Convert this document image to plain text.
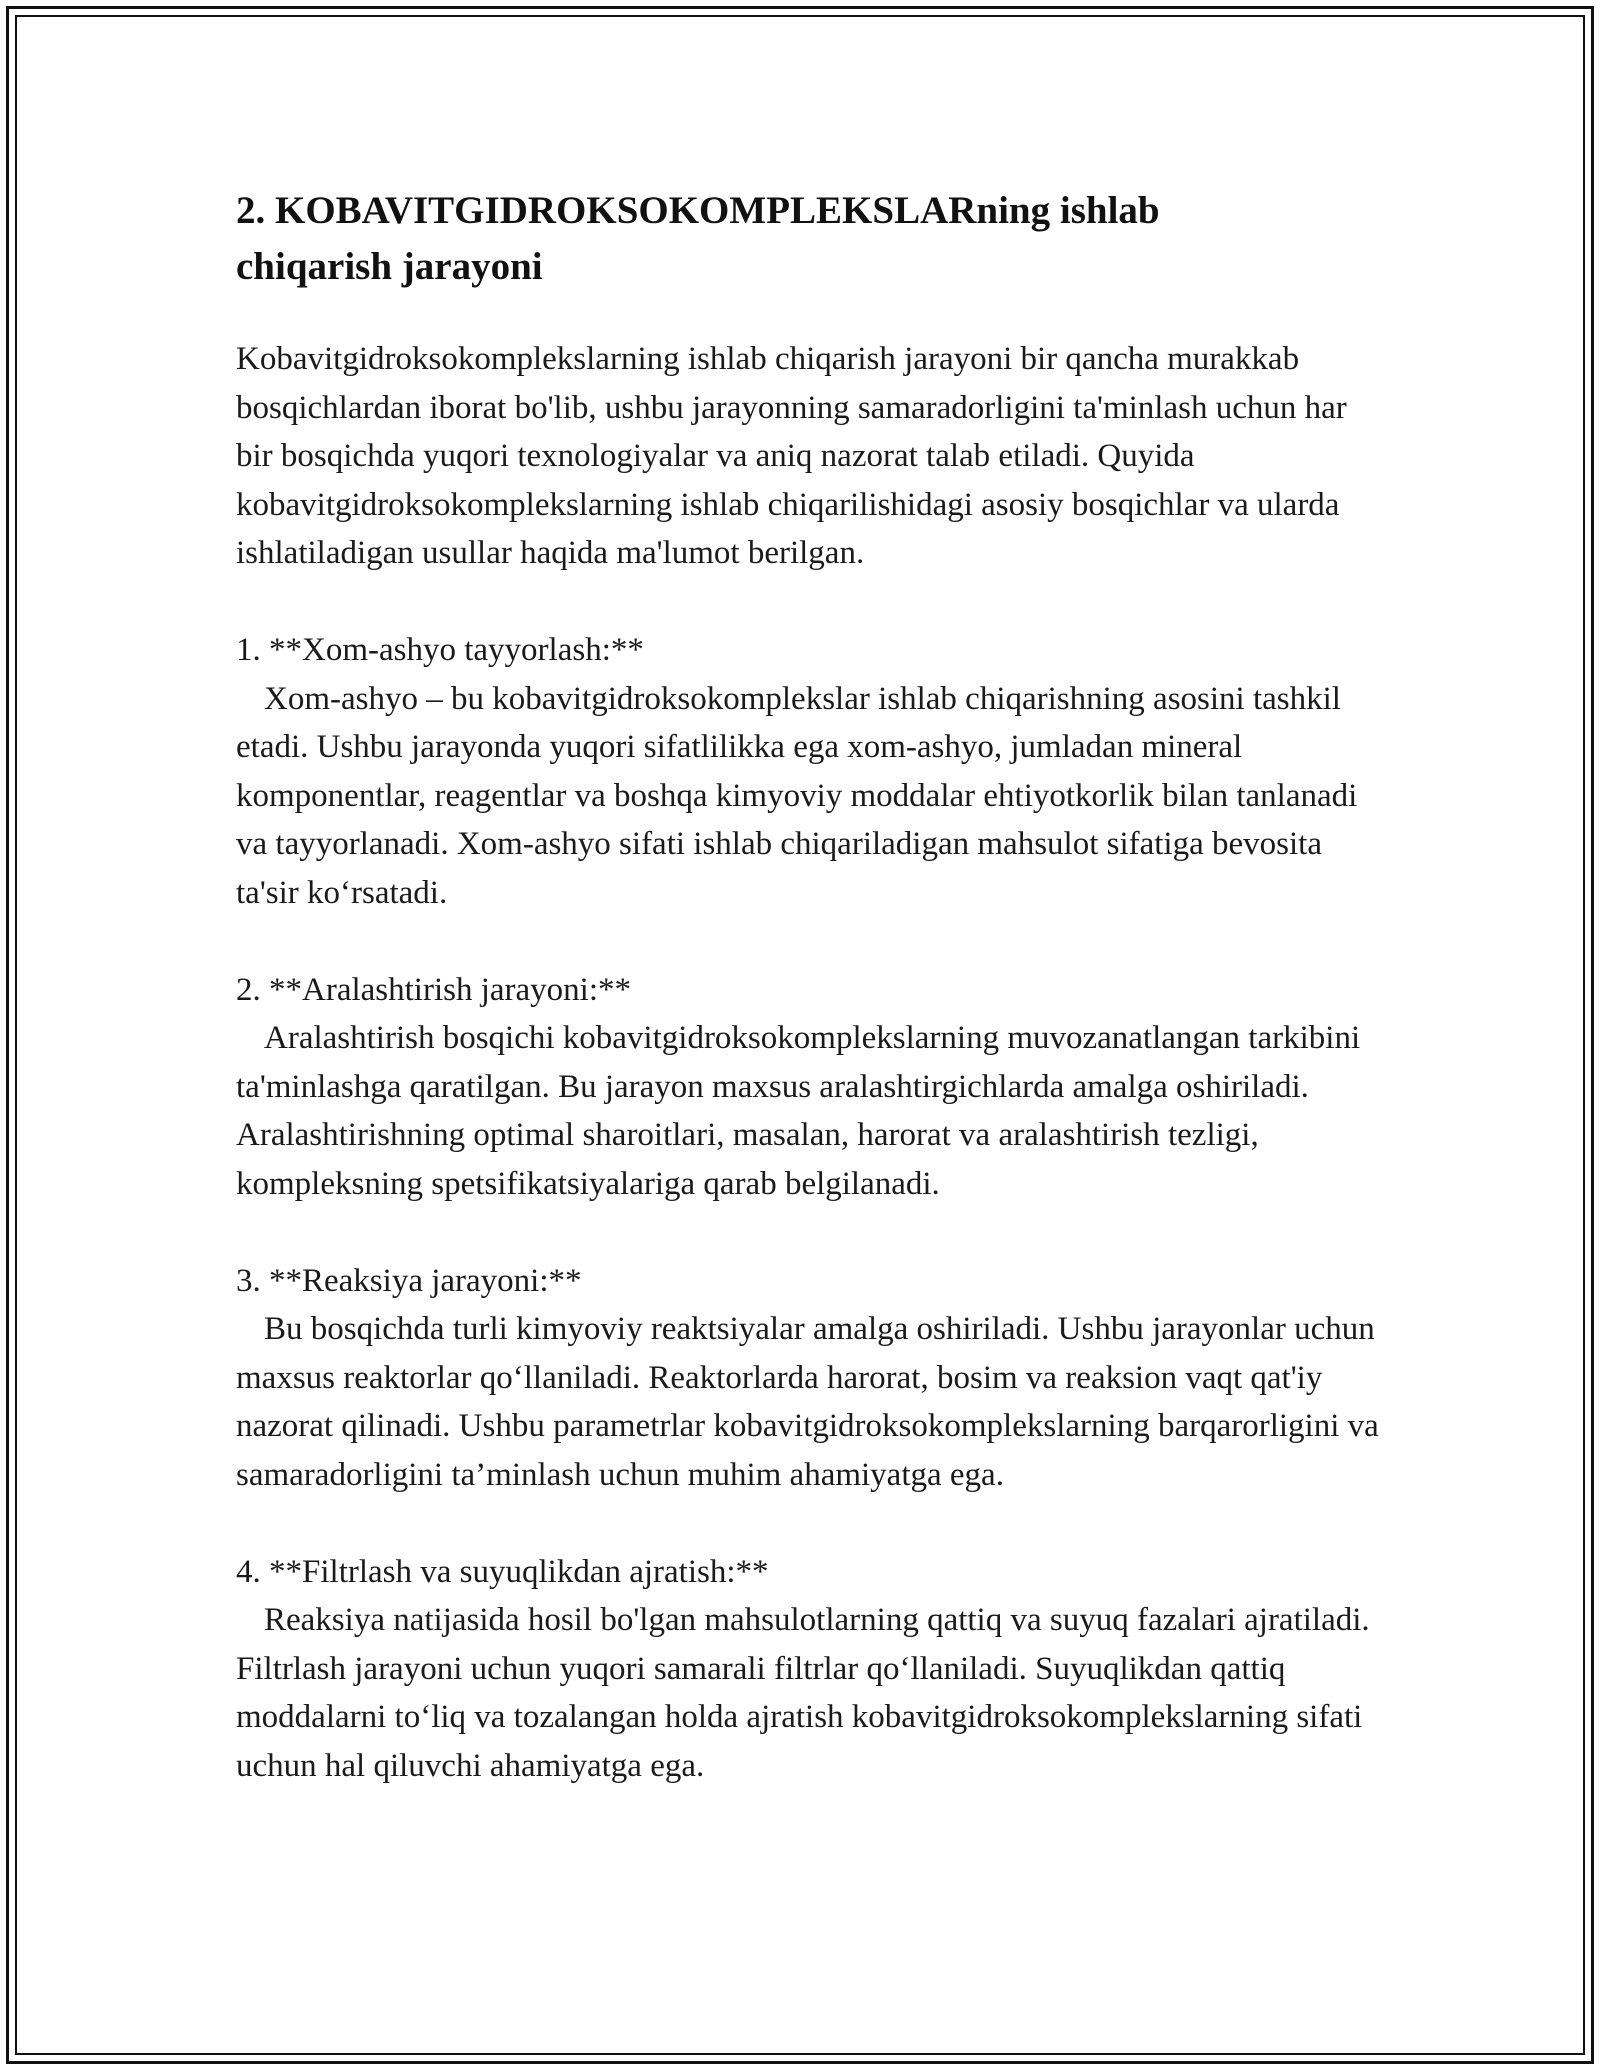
2. KOBAVITGIDROKSOKOMPLEKSLARning ishlab
chiqarish jarayoni

Kobavitgidroksokomplekslarning ishlab chiqarish jarayoni bir qancha murakkab bosqichlardan iborat bo'lib, ushbu jarayonning samaradorligini ta'minlash uchun har bir bosqichda yuqori texnologiyalar va aniq nazorat talab etiladi. Quyida kobavitgidroksokomplekslarning ishlab chiqarilishidagi asosiy bosqichlar va ularda ishlatiladigan usullar haqida ma'lumot berilgan.

1. **Xom-ashyo tayyorlash:**

Xom-ashyo – bu kobavitgidroksokomplekslar ishlab chiqarishning asosini tashkil etadi. Ushbu jarayonda yuqori sifatlilikka ega xom-ashyo, jumladan mineral komponentlar, reagentlar va boshqa kimyoviy moddalar ehtiyotkorlik bilan tanlanadi va tayyorlanadi. Xom-ashyo sifati ishlab chiqariladigan mahsulot sifatiga bevosita ta'sir ko‘rsatadi.

2. **Aralashtirish jarayoni:**

Aralashtirish bosqichi kobavitgidroksokomplekslarning muvozanatlangan tarkibini ta'minlashga qaratilgan. Bu jarayon maxsus aralashtirgichlarda amalga oshiriladi. Aralashtirishning optimal sharoitlari, masalan, harorat va aralashtirish tezligi, kompleksning spetsifikatsiyalariga qarab belgilanadi.

3. **Reaksiya jarayoni:**

Bu bosqichda turli kimyoviy reaktsiyalar amalga oshiriladi. Ushbu jarayonlar uchun maxsus reaktorlar qo‘llaniladi. Reaktorlarda harorat, bosim va reaksion vaqt qat'iy nazorat qilinadi. Ushbu parametrlar kobavitgidroksokomplekslarning barqarorligini va samaradorligini ta’minlash uchun muhim ahamiyatga ega.

4. **Filtrlash va suyuqlikdan ajratish:**

Reaksiya natijasida hosil bo'lgan mahsulotlarning qattiq va suyuq fazalari ajratiladi. Filtrlash jarayoni uchun yuqori samarali filtrlar qo‘llaniladi. Suyuqlikdan qattiq moddalarni to‘liq va tozalangan holda ajratish kobavitgidroksokomplekslarning sifati uchun hal qiluvchi ahamiyatga ega.
